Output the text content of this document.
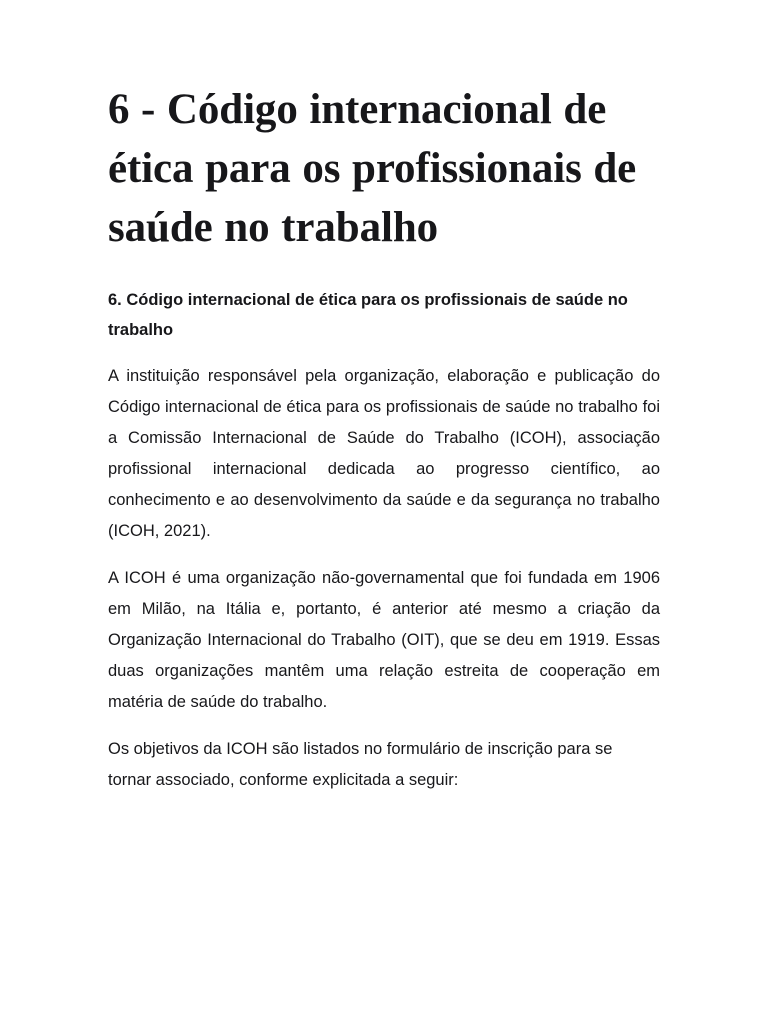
6 - Código internacional de ética para os profissionais de saúde no trabalho
6. Código internacional de ética para os profissionais de saúde no trabalho

A instituição responsável pela organização, elaboração e publicação do Código internacional de ética para os profissionais de saúde no trabalho foi a Comissão Internacional de Saúde do Trabalho (ICOH), associação profissional internacional dedicada ao progresso científico, ao conhecimento e ao desenvolvimento da saúde e da segurança no trabalho (ICOH, 2021).

A ICOH é uma organização não-governamental que foi fundada em 1906 em Milão, na Itália e, portanto, é anterior até mesmo a criação da Organização Internacional do Trabalho (OIT), que se deu em 1919. Essas duas organizações mantêm uma relação estreita de cooperação em matéria de saúde do trabalho.

Os objetivos da ICOH são listados no formulário de inscrição para se tornar associado, conforme explicitada a seguir:
